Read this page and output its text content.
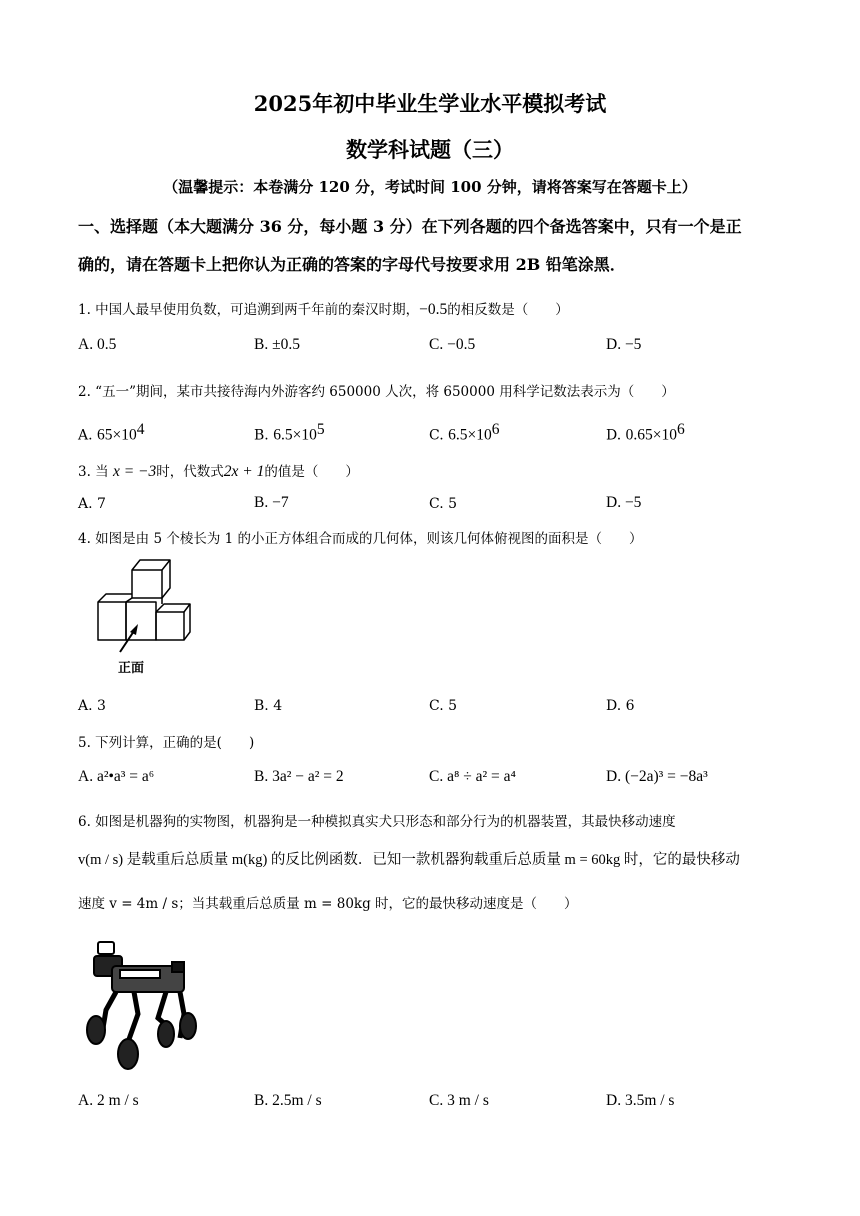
2025年初中毕业生学业水平模拟考试
数学科试题（三）
（温馨提示：本卷满分 120 分，考试时间 100 分钟，请将答案写在答题卡上）
一、选择题（本大题满分 36 分，每小题 3 分）在下列各题的四个备选答案中，只有一个是正
确的，请在答题卡上把你认为正确的答案的字母代号按要求用 2B 铅笔涂黑．
1. 中国人最早使用负数，可追溯到两千年前的秦汉时期，−0.5的相反数是（　　）
A. 0.5	B. ±0.5	C. −0.5	D. −5
2. “五一”期间，某市共接待海内外游客约 650000 人次，将 650000 用科学记数法表示为（　　）
A. $65\times 10^4$	B. $6.5\times 10^5$	C. $6.5\times 10^6$	D. $0.65\times 10^6$
3. 当 x = −3时，代数式2x + 1的值是（　　）
A. 7	B. −7	C. 5	D. −5
4. 如图是由 5 个棱长为 1 的小正方体组合而成的几何体，则该几何体俯视图的面积是（　　）
正面
A. 3	B. 4	C. 5	D. 6
5. 下列计算，正确的是(　　)
A. a²•a³ = a⁶	B. 3a² − a² = 2	C. a⁸ ÷ a² = a⁴	D. (−2a)³ = −8a³
6. 如图是机器狗的实物图，机器狗是一种模拟真实犬只形态和部分行为的机器装置，其最快移动速度
v(m / s) 是载重后总质量 m(kg) 的反比例函数．已知一款机器狗载重后总质量 m = 60kg 时，它的最快移动
速度 v = 4m / s；当其载重后总质量 m = 80kg 时，它的最快移动速度是（　　）
A. 2 m / s	B. 2.5m / s	C. 3 m / s	D. 3.5m / s
